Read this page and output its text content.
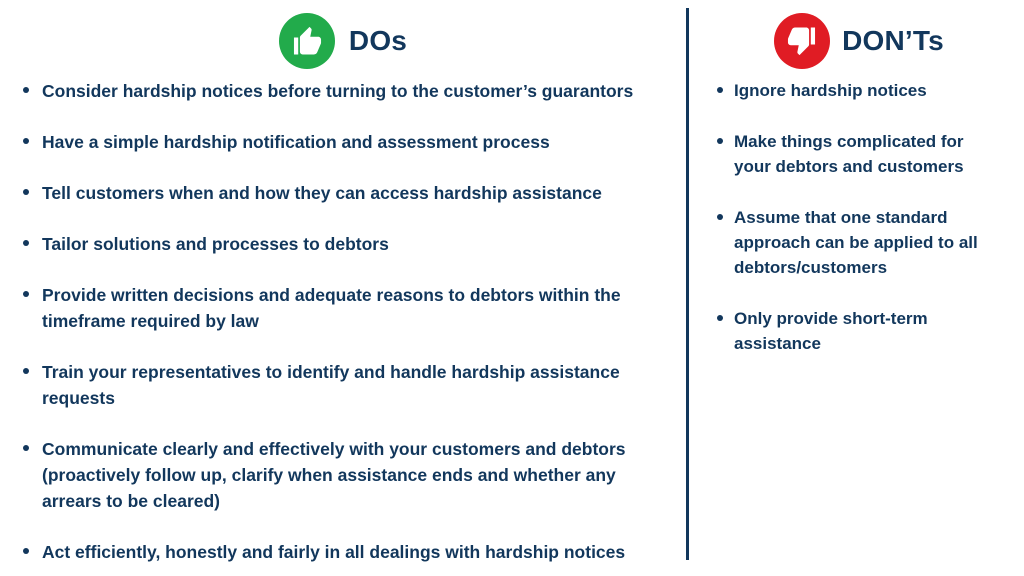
DOs
Consider hardship notices before turning to the customer’s guarantors
Have a simple hardship notification and assessment process
Tell customers when and how they can access hardship assistance
Tailor solutions and processes to debtors
Provide written decisions and adequate reasons to debtors within the timeframe required by law
Train your representatives to identify and handle hardship assistance requests
Communicate clearly and effectively with your customers and debtors (proactively follow up, clarify when assistance ends and whether any arrears to be cleared)
Act efficiently, honestly and fairly in all dealings with hardship notices
DON’Ts
Ignore hardship notices
Make things complicated for your debtors and customers
Assume that one standard approach can be applied to all debtors/customers
Only provide short-term assistance
